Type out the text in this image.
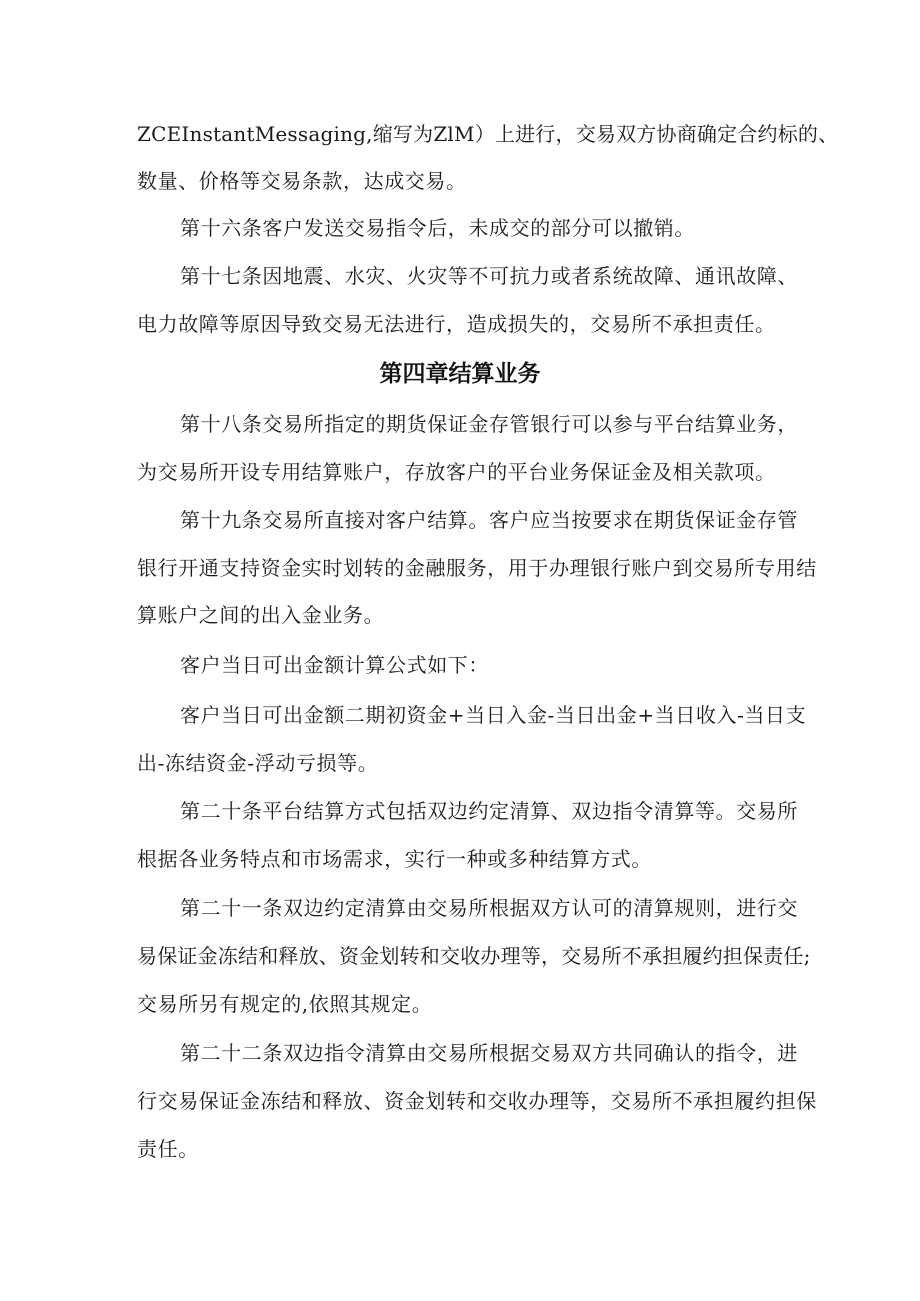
ZCEInstantMessaging,缩写为ZlM）上进行，交易双方协商确定合约标的、
数量、价格等交易条款，达成交易。
第十六条客户发送交易指令后，未成交的部分可以撤销。
第十七条因地震、水灾、火灾等不可抗力或者系统故障、通讯故障、
电力故障等原因导致交易无法进行，造成损失的，交易所不承担责任。
第四章结算业务
第十八条交易所指定的期货保证金存管银行可以参与平台结算业务，
为交易所开设专用结算账户，存放客户的平台业务保证金及相关款项。
第十九条交易所直接对客户结算。客户应当按要求在期货保证金存管
银行开通支持资金实时划转的金融服务，用于办理银行账户到交易所专用结
算账户之间的出入金业务。
客户当日可出金额计算公式如下：
客户当日可出金额二期初资金+当日入金-当日出金+当日收入-当日支
出-冻结资金-浮动亏损等。
第二十条平台结算方式包括双边约定清算、双边指令清算等。交易所
根据各业务特点和市场需求，实行一种或多种结算方式。
第二十一条双边约定清算由交易所根据双方认可的清算规则，进行交
易保证金冻结和释放、资金划转和交收办理等，交易所不承担履约担保责任;
交易所另有规定的,依照其规定。
第二十二条双边指令清算由交易所根据交易双方共同确认的指令，进
行交易保证金冻结和释放、资金划转和交收办理等，交易所不承担履约担保
责任。
